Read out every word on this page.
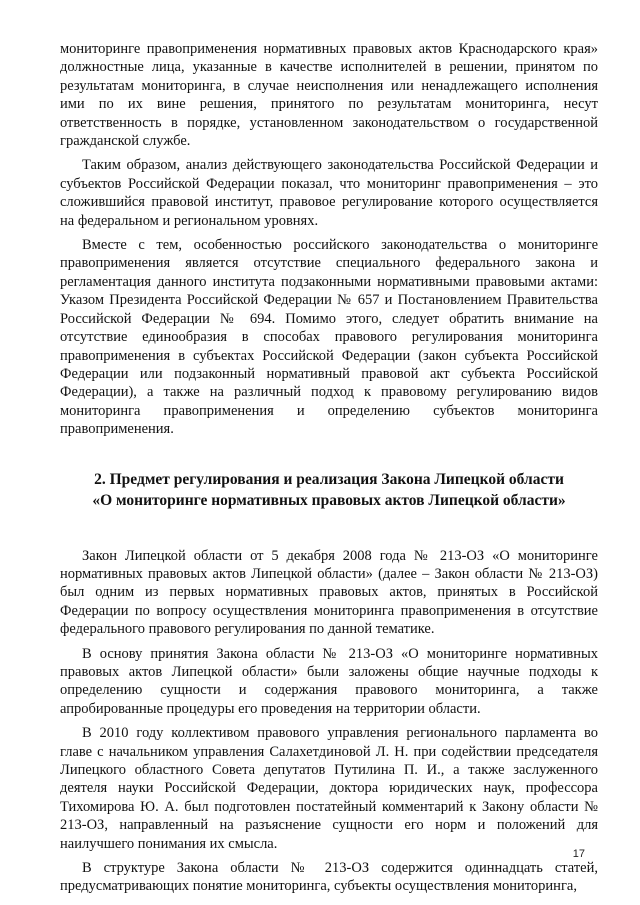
мониторинге правоприменения нормативных правовых актов Краснодарского края» должностные лица, указанные в качестве исполнителей в решении, принятом по результатам мониторинга, в случае неисполнения или ненадлежащего исполнения ими по их вине решения, принятого по результатам мониторинга, несут ответственность в порядке, установленном законодательством о государственной гражданской службе.

Таким образом, анализ действующего законодательства Российской Федерации и субъектов Российской Федерации показал, что мониторинг правоприменения – это сложившийся правовой институт, правовое регулирование которого осуществляется на федеральном и региональном уровнях.

Вместе с тем, особенностью российского законодательства о мониторинге правоприменения является отсутствие специального федерального закона и регламентация данного института подзаконными нормативными правовыми актами: Указом Президента Российской Федерации № 657 и Постановлением Правительства Российской Федерации № 694. Помимо этого, следует обратить внимание на отсутствие единообразия в способах правового регулирования мониторинга правоприменения в субъектах Российской Федерации (закон субъекта Российской Федерации или подзаконный нормативный правовой акт субъекта Российской Федерации), а также на различный подход к правовому регулированию видов мониторинга правоприменения и определению субъектов мониторинга правоприменения.

2. Предмет регулирования и реализация Закона Липецкой области
«О мониторинге нормативных правовых актов Липецкой области»

Закон Липецкой области от 5 декабря 2008 года № 213-ОЗ «О мониторинге нормативных правовых актов Липецкой области» (далее – Закон области № 213-ОЗ) был одним из первых нормативных правовых актов, принятых в Российской Федерации по вопросу осуществления мониторинга правоприменения в отсутствие федерального правового регулирования по данной тематике.

В основу принятия Закона области № 213-ОЗ «О мониторинге нормативных правовых актов Липецкой области» были заложены общие научные подходы к определению сущности и содержания правового мониторинга, а также апробированные процедуры его проведения на территории области.

В 2010 году коллективом правового управления регионального парламента во главе с начальником управления Салахетдиновой Л. Н. при содействии председателя Липецкого областного Совета депутатов Путилина П. И., а также заслуженного деятеля науки Российской Федерации, доктора юридических наук, профессора Тихомирова Ю. А. был подготовлен постатейный комментарий к Закону области № 213-ОЗ, направленный на разъяснение сущности его норм и положений для наилучшего понимания их смысла.

В структуре Закона области № 213-ОЗ содержится одиннадцать статей, предусматривающих понятие мониторинга, субъекты осуществления мониторинга,

17
